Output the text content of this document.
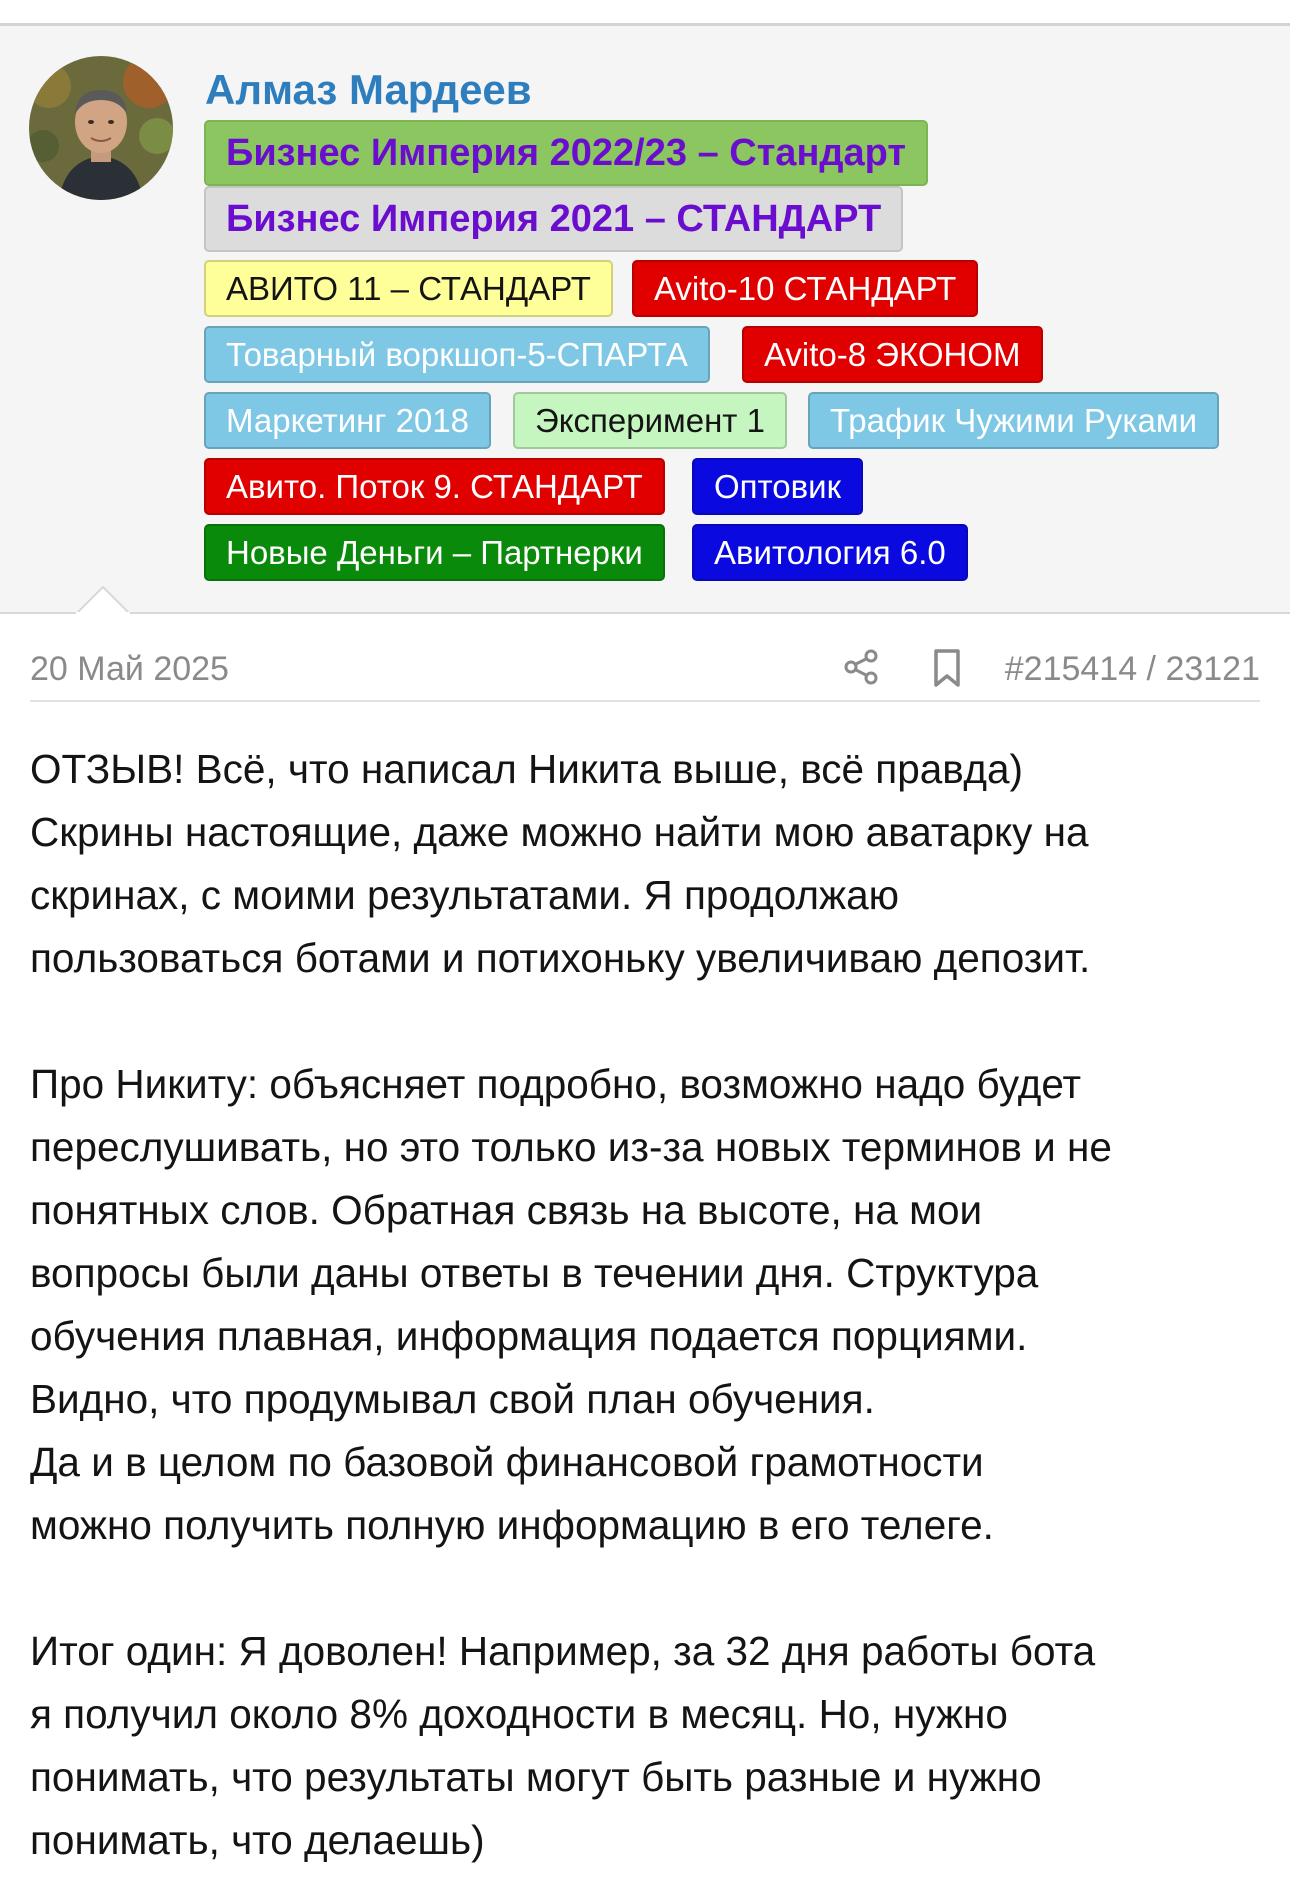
Алмаз Мардеев
Бизнес Империя 2022/23 – Стандарт
Бизнес Империя 2021 – СТАНДАРТ
АВИТО 11 – СТАНДАРТ	Avito-10 СТАНДАРТ
Товарный воркшоп-5-СПАРТА	Avito-8 ЭКОНОМ
Маркетинг 2018	Эксперимент 1	Трафик Чужими Руками
Авито. Поток 9. СТАНДАРТ	Оптовик
Новые Деньги – Партнерки	Авитология 6.0
20 Май 2025	#215414 / 23121
ОТЗЫВ! Всё, что написал Никита выше, всё правда)
Скрины настоящие, даже можно найти мою аватарку на
скринах, с моими результатами. Я продолжаю
пользоваться ботами и потихоньку увеличиваю депозит.
Про Никиту: объясняет подробно, возможно надо будет
переслушивать, но это только из-за новых терминов и не
понятных слов. Обратная связь на высоте, на мои
вопросы были даны ответы в течении дня. Структура
обучения плавная, информация подается порциями.
Видно, что продумывал свой план обучения.
Да и в целом по базовой финансовой грамотности
можно получить полную информацию в его телеге.
Итог один: Я доволен! Например, за 32 дня работы бота
я получил около 8% доходности в месяц. Но, нужно
понимать, что результаты могут быть разные и нужно
понимать, что делаешь)
